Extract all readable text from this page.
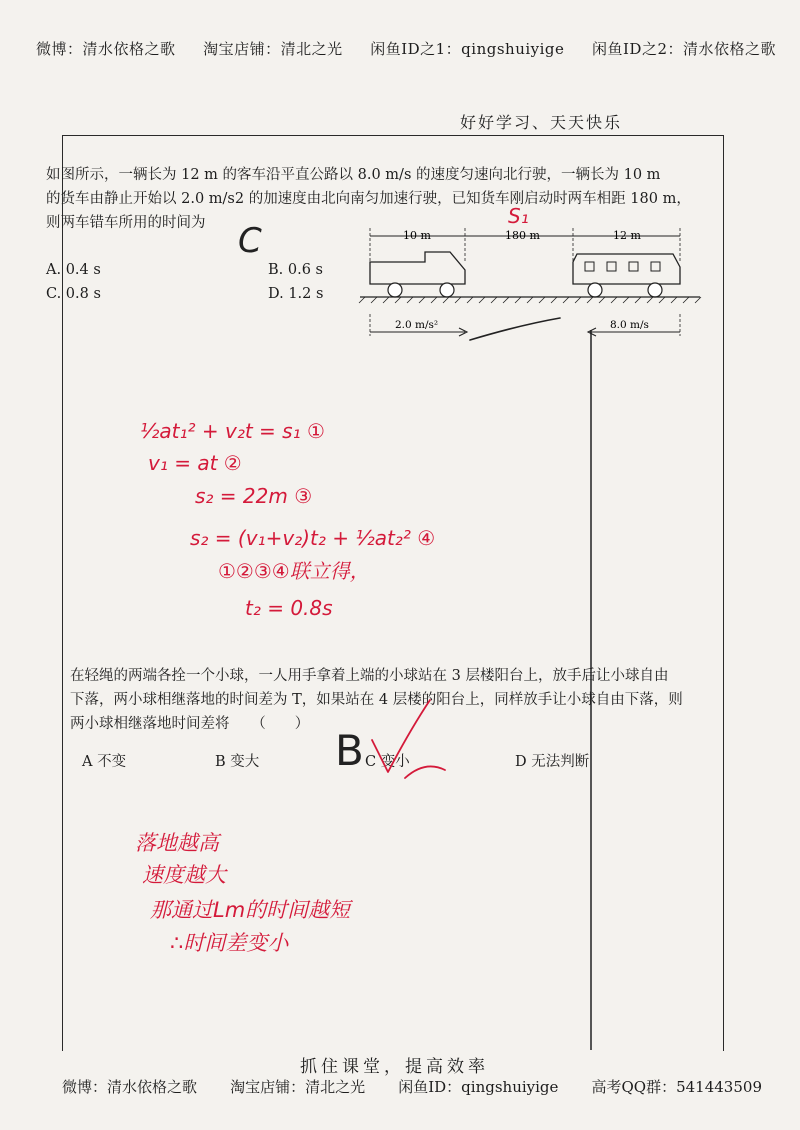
微博：清水依格之歌 淘宝店铺：清北之光 闲鱼ID之1：qingshuiyige 闲鱼ID之2：清水依格之歌
好好学习、天天快乐
如图所示，一辆长为 12 m 的客车沿平直公路以 8.0 m/s 的速度匀速向北行驶，一辆长为 10 m
的货车由静止开始以 2.0 m/s2 的加速度由北向南匀加速行驶，已知货车刚启动时两车相距 180 m，
则两车错车所用的时间为
A. 0.4 s	B. 0.6 s
C. 0.8 s	D. 1.2 s
10 m	180 m	12 m
2.0 m/s²	8.0 m/s
在轻绳的两端各拴一个小球，一人用手拿着上端的小球站在 3 层楼阳台上，放手后让小球自由
下落，两小球相继落地的时间差为 T，如果站在 4 层楼的阳台上，同样放手让小球自由下落，则
两小球相继落地时间差将　　（　　）
A 不变	B 变大	C 变小	D 无法判断
C
S₁
½at₁² + v₂t = s₁ ①
v₁ = at ②
s₂ = 22m ③
s₂ = (v₁+v₂)t₂ + ½at₂² ④
①②③④联立得，
t₂ = 0.8s
B
落地越高
速度越大
那通过Lm的时间越短
∴时间差变小
抓住课堂，提高效率
微博：清水依格之歌 淘宝店铺：清北之光 闲鱼ID：qingshuiyige 高考QQ群：541443509
